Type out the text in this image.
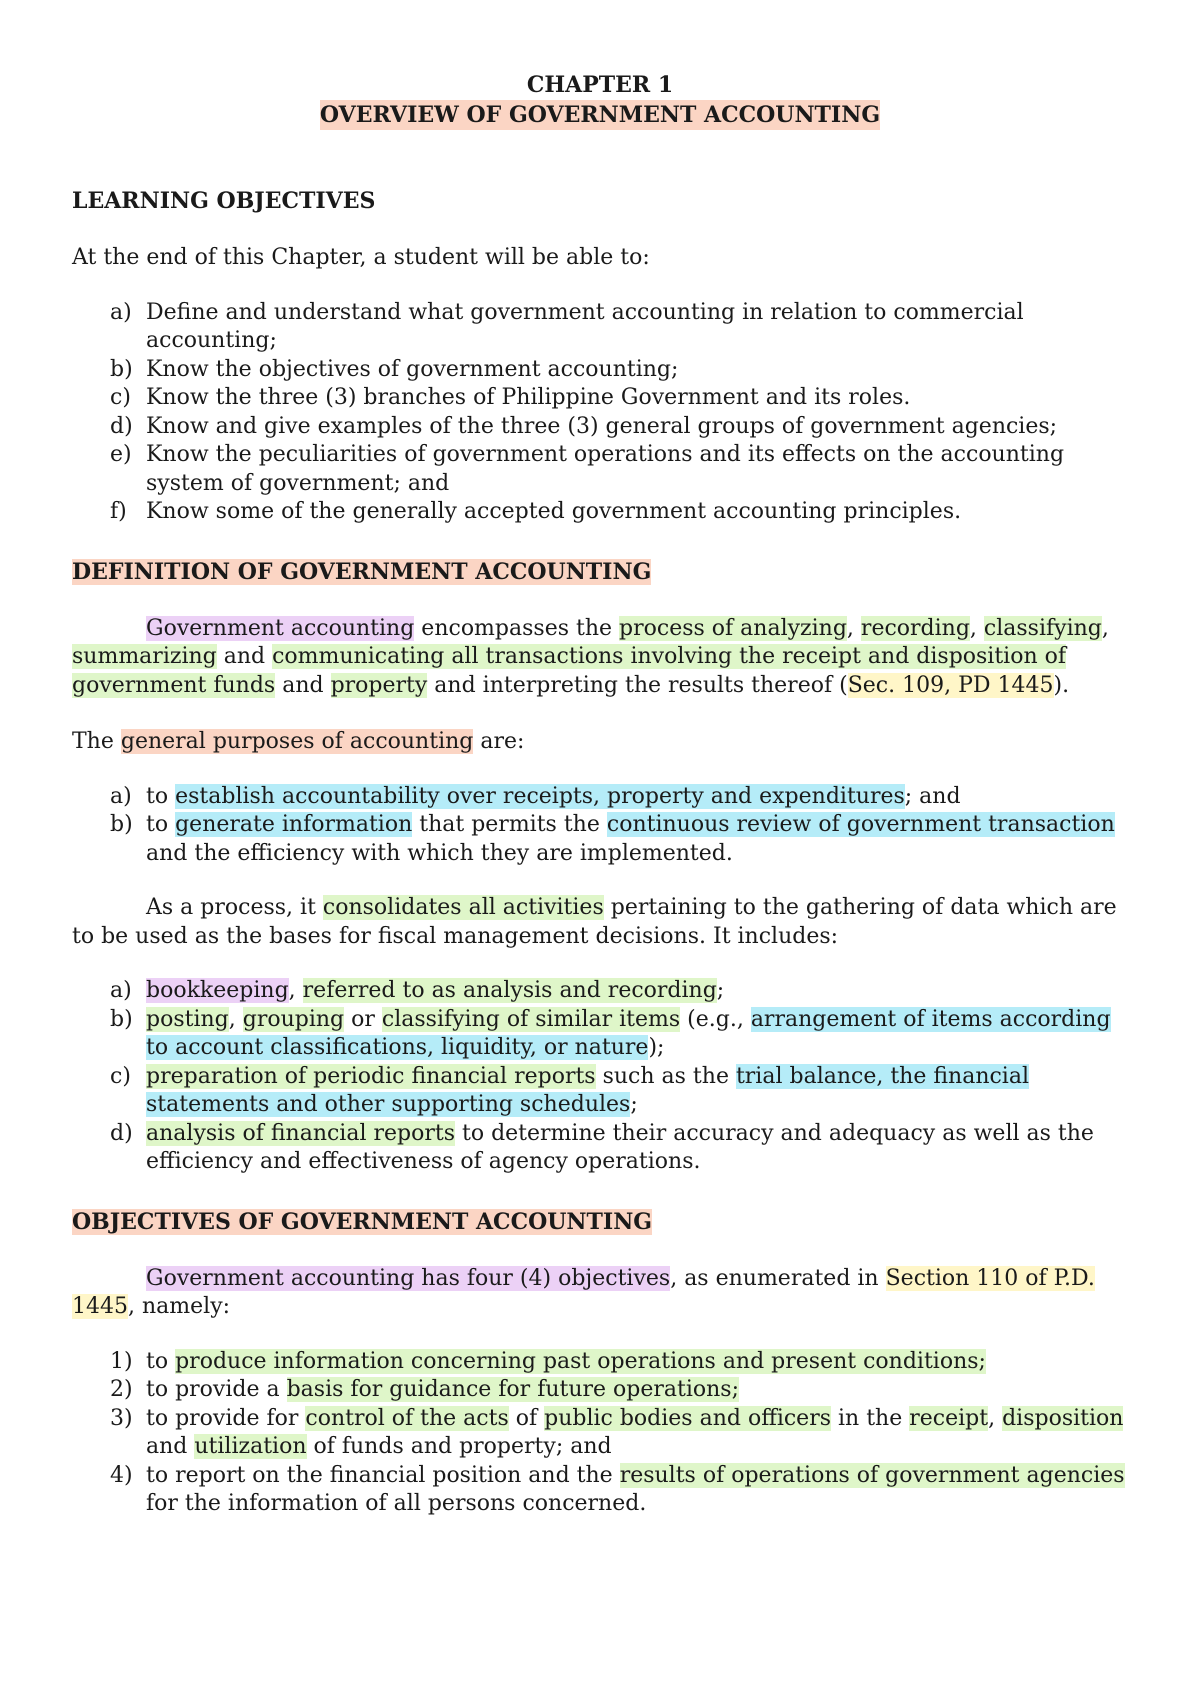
CHAPTER 1
OVERVIEW OF GOVERNMENT ACCOUNTING
LEARNING OBJECTIVES

At the end of this Chapter, a student will be able to:

a) Define and understand what government accounting in relation to commercial accounting;
b) Know the objectives of government accounting;
c) Know the three (3) branches of Philippine Government and its roles.
d) Know and give examples of the three (3) general groups of government agencies;
e) Know the peculiarities of government operations and its effects on the accounting system of government; and
f) Know some of the generally accepted government accounting principles.
DEFINITION OF GOVERNMENT ACCOUNTING

Government accounting encompasses the process of analyzing, recording, classifying, summarizing and communicating all transactions involving the receipt and disposition of government funds and property and interpreting the results thereof (Sec. 109, PD 1445).

The general purposes of accounting are:

a) to establish accountability over receipts, property and expenditures; and
b) to generate information that permits the continuous review of government transaction and the efficiency with which they are implemented.

As a process, it consolidates all activities pertaining to the gathering of data which are to be used as the bases for fiscal management decisions. It includes:

a) bookkeeping, referred to as analysis and recording;
b) posting, grouping or classifying of similar items (e.g., arrangement of items according to account classifications, liquidity, or nature);
c) preparation of periodic financial reports such as the trial balance, the financial statements and other supporting schedules;
d) analysis of financial reports to determine their accuracy and adequacy as well as the efficiency and effectiveness of agency operations.
OBJECTIVES OF GOVERNMENT ACCOUNTING

Government accounting has four (4) objectives, as enumerated in Section 110 of P.D. 1445, namely:

1) to produce information concerning past operations and present conditions;
2) to provide a basis for guidance for future operations;
3) to provide for control of the acts of public bodies and officers in the receipt, disposition and utilization of funds and property; and
4) to report on the financial position and the results of operations of government agencies for the information of all persons concerned.
